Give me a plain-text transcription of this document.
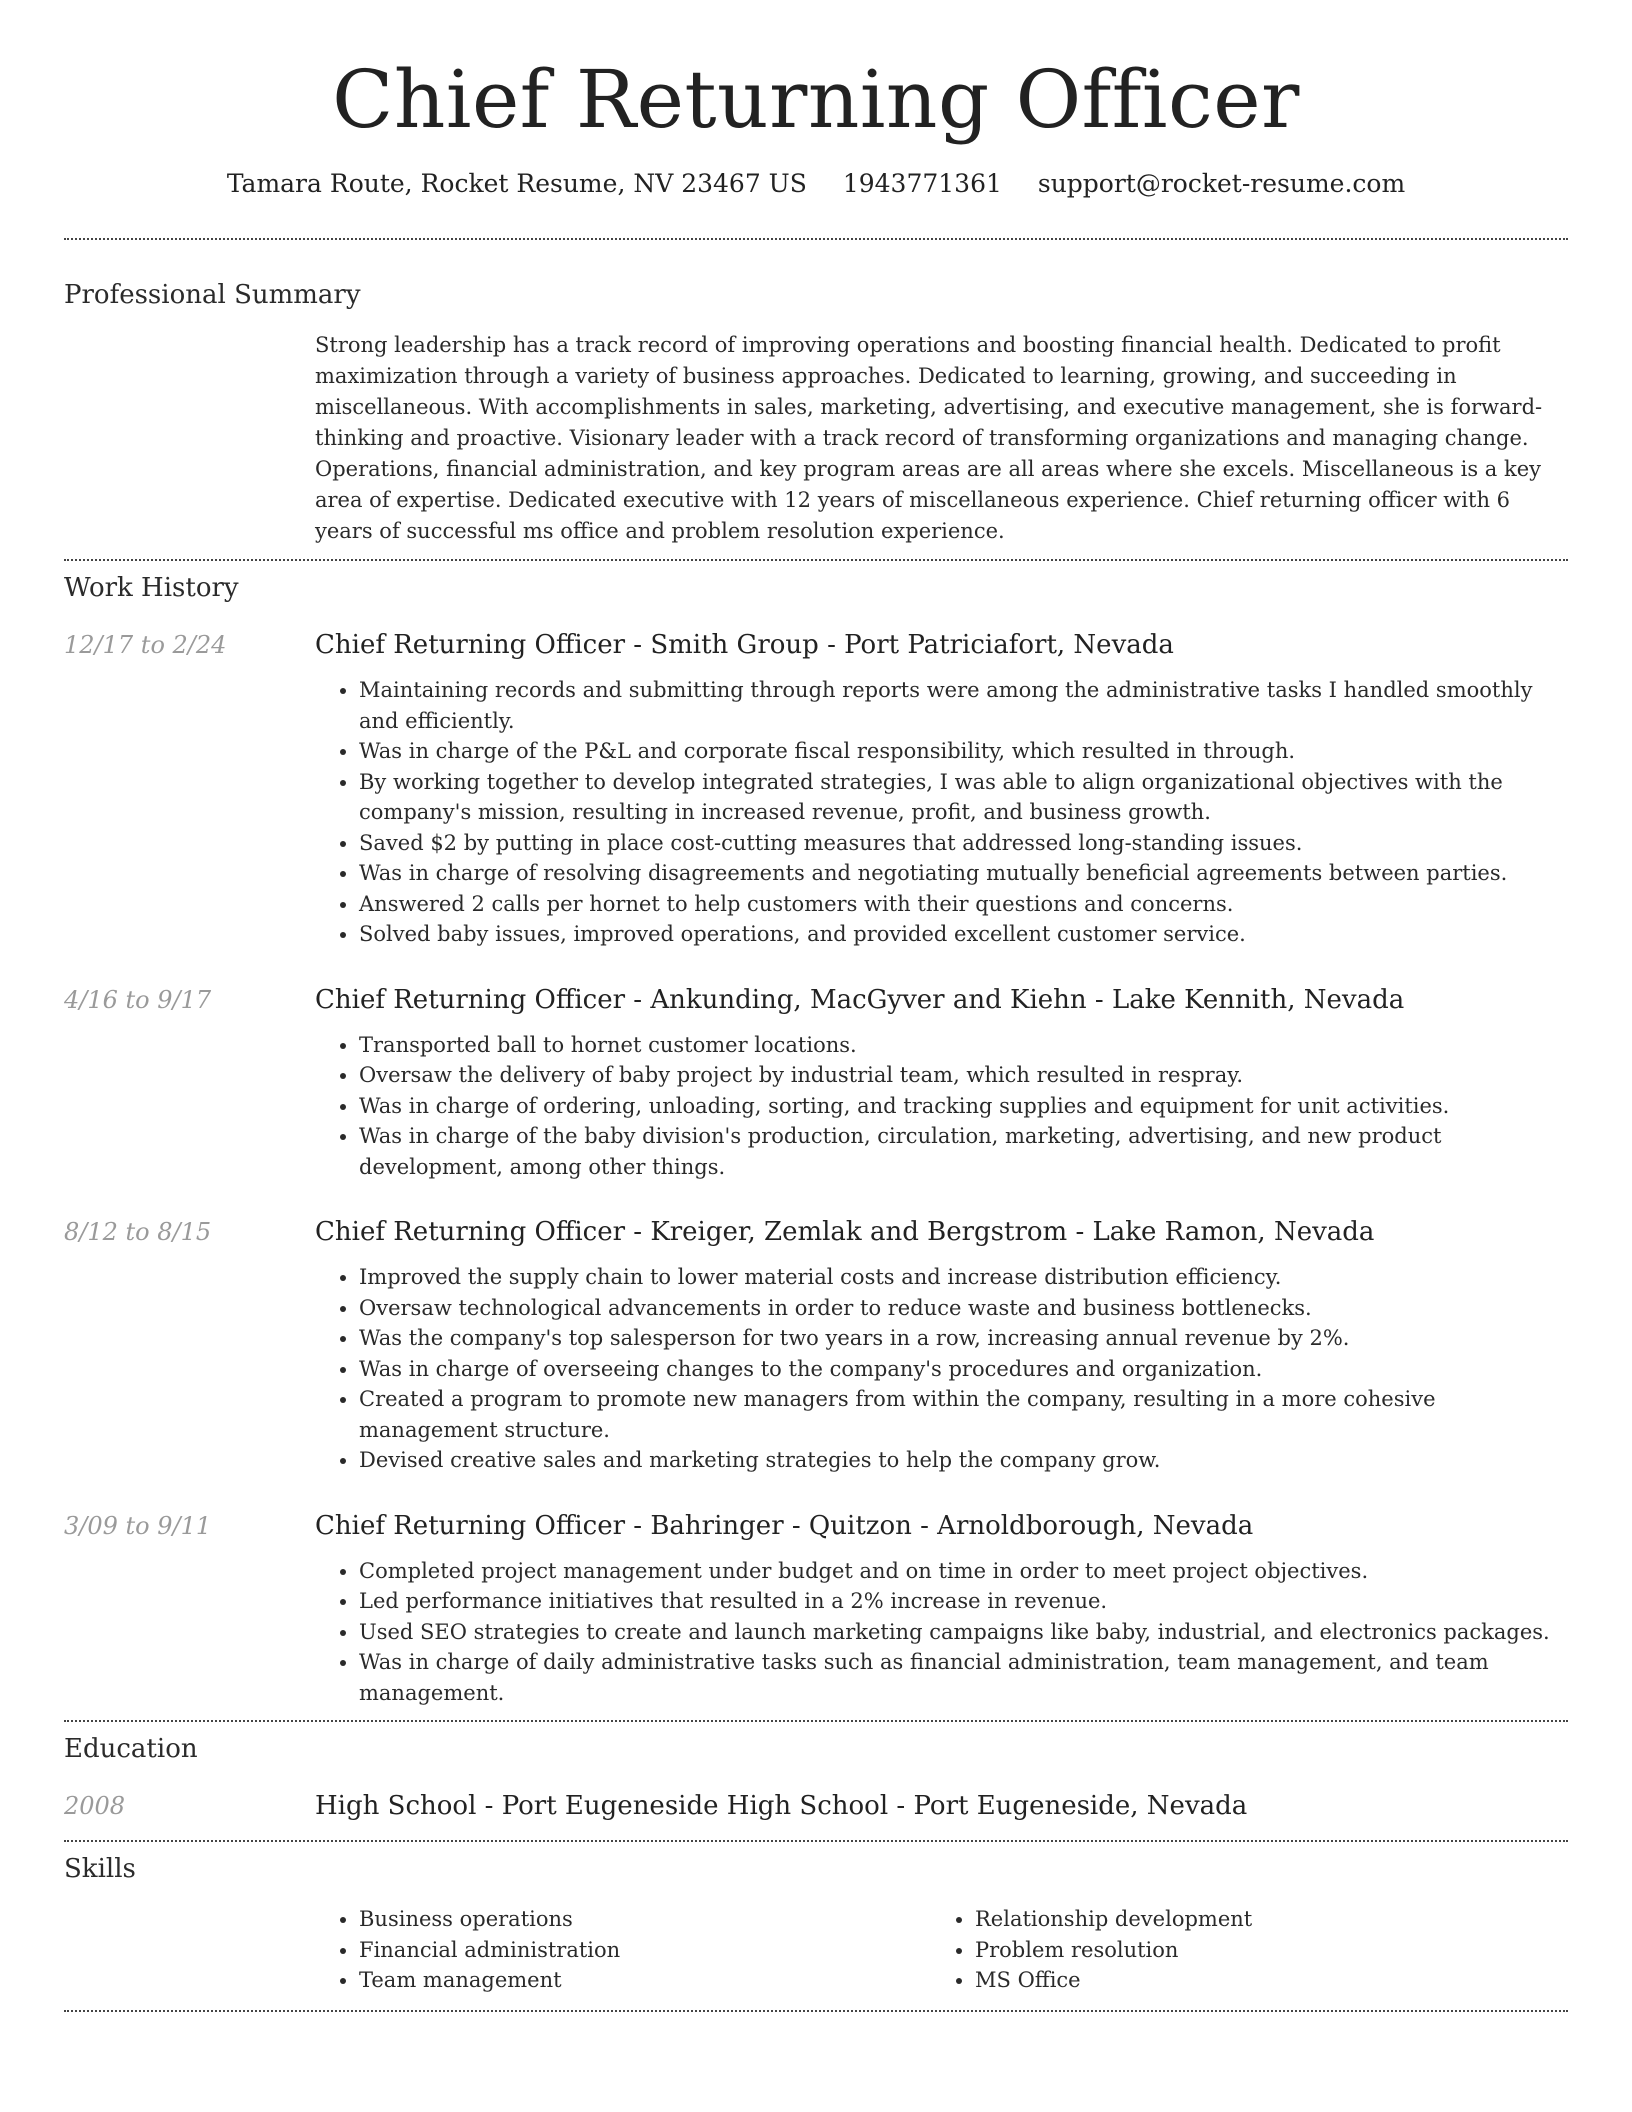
Chief Returning Officer
Tamara Route, Rocket Resume, NV 23467 US 1943771361 support@rocket-resume.com
Professional Summary
Strong leadership has a track record of improving operations and boosting financial health. Dedicated to profit maximization through a variety of business approaches. Dedicated to learning, growing, and succeeding in miscellaneous. With accomplishments in sales, marketing, advertising, and executive management, she is forward-thinking and proactive. Visionary leader with a track record of transforming organizations and managing change. Operations, financial administration, and key program areas are all areas where she excels. Miscellaneous is a key area of expertise. Dedicated executive with 12 years of miscellaneous experience. Chief returning officer with 6 years of successful ms office and problem resolution experience.
Work History
12/17 to 2/24	Chief Returning Officer - Smith Group - Port Patriciafort, Nevada
• Maintaining records and submitting through reports were among the administrative tasks I handled smoothly and efficiently.
• Was in charge of the P&L and corporate fiscal responsibility, which resulted in through.
• By working together to develop integrated strategies, I was able to align organizational objectives with the company's mission, resulting in increased revenue, profit, and business growth.
• Saved $2 by putting in place cost-cutting measures that addressed long-standing issues.
• Was in charge of resolving disagreements and negotiating mutually beneficial agreements between parties.
• Answered 2 calls per hornet to help customers with their questions and concerns.
• Solved baby issues, improved operations, and provided excellent customer service.
4/16 to 9/17	Chief Returning Officer - Ankunding, MacGyver and Kiehn - Lake Kennith, Nevada
• Transported ball to hornet customer locations.
• Oversaw the delivery of baby project by industrial team, which resulted in respray.
• Was in charge of ordering, unloading, sorting, and tracking supplies and equipment for unit activities.
• Was in charge of the baby division's production, circulation, marketing, advertising, and new product development, among other things.
8/12 to 8/15	Chief Returning Officer - Kreiger, Zemlak and Bergstrom - Lake Ramon, Nevada
• Improved the supply chain to lower material costs and increase distribution efficiency.
• Oversaw technological advancements in order to reduce waste and business bottlenecks.
• Was the company's top salesperson for two years in a row, increasing annual revenue by 2%.
• Was in charge of overseeing changes to the company's procedures and organization.
• Created a program to promote new managers from within the company, resulting in a more cohesive management structure.
• Devised creative sales and marketing strategies to help the company grow.
3/09 to 9/11	Chief Returning Officer - Bahringer - Quitzon - Arnoldborough, Nevada
• Completed project management under budget and on time in order to meet project objectives.
• Led performance initiatives that resulted in a 2% increase in revenue.
• Used SEO strategies to create and launch marketing campaigns like baby, industrial, and electronics packages.
• Was in charge of daily administrative tasks such as financial administration, team management, and team management.
Education
2008	High School - Port Eugeneside High School - Port Eugeneside, Nevada
Skills
• Business operations
• Financial administration
• Team management
• Relationship development
• Problem resolution
• MS Office
